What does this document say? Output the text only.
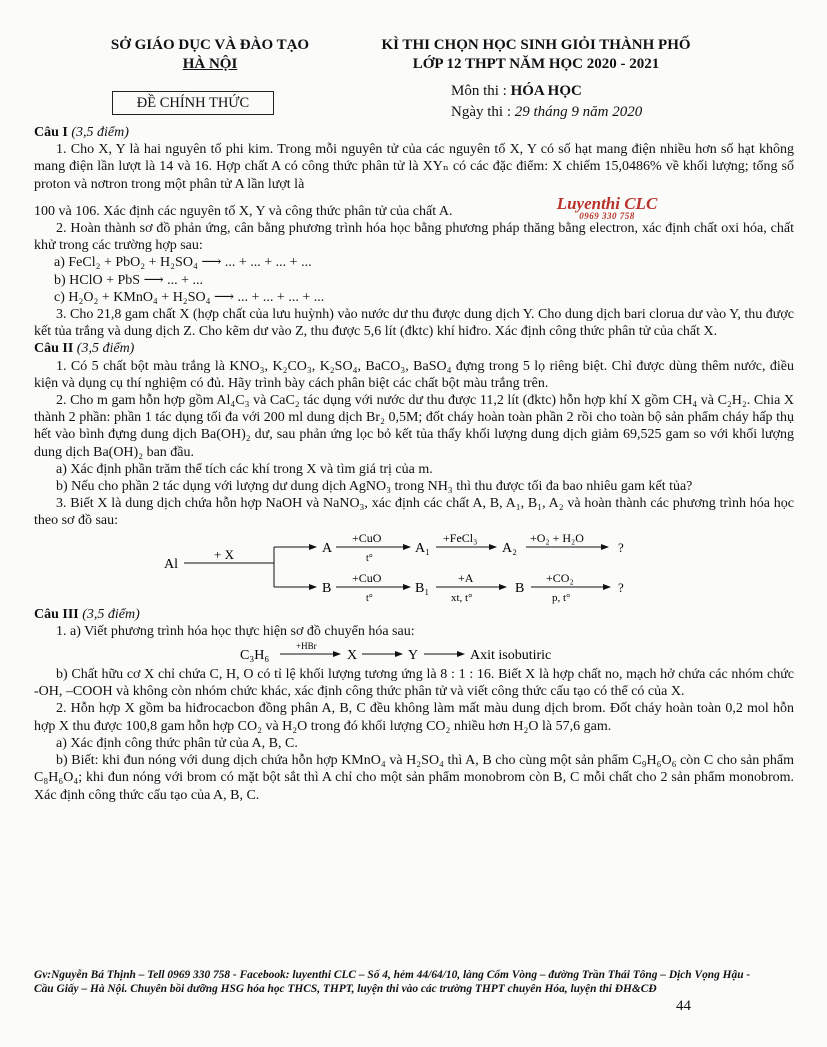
SỞ GIÁO DỤC VÀ ĐÀO TẠO
HÀ NỘI
KÌ THI CHỌN HỌC SINH GIỎI THÀNH PHỐ
LỚP 12 THPT NĂM HỌC 2020 - 2021
ĐỀ CHÍNH THỨC
Môn thi : HÓA HỌC
Ngày thi : 29 tháng 9 năm 2020
Luyenthi CLC
0969 330 758

Câu I (3,5 điểm)

1. Cho X, Y là hai nguyên tố phi kim. Trong mỗi nguyên tử của các nguyên tố X, Y có số hạt mang điện nhiều hơn số hạt không mang điện lần lượt là 14 và 16. Hợp chất A có công thức phân tử là XYₙ có các đặc điểm: X chiếm 15,0486% về khối lượng; tổng số proton và nơtron trong một phân tử A lần lượt là

100 và 106. Xác định các nguyên tố X, Y và công thức phân tử của chất A.

2. Hoàn thành sơ đồ phản ứng, cân bằng phương trình hóa học bằng phương pháp thăng bằng electron, xác định chất oxi hóa, chất khử trong các trường hợp sau:

a) FeCl₂ + PbO₂ + H₂SO₄ ⟶ ... + ... + ... + ...

b) HClO + PbS ⟶ ... + ...

c) H₂O₂ + KMnO₄ + H₂SO₄ ⟶ ... + ... + ... + ...

3. Cho 21,8 gam chất X (hợp chất của lưu huỳnh) vào nước dư thu được dung dịch Y. Cho dung dịch bari clorua dư vào Y, thu được kết tủa trắng và dung dịch Z. Cho kẽm dư vào Z, thu được 5,6 lít (đktc) khí hiđro. Xác định công thức phân tử của chất X.

Câu II (3,5 điểm)

1. Có 5 chất bột màu trắng là KNO₃, K₂CO₃, K₂SO₄, BaCO₃, BaSO₄ đựng trong 5 lọ riêng biệt. Chỉ được dùng thêm nước, điều kiện và dụng cụ thí nghiệm có đủ. Hãy trình bày cách phân biệt các chất bột màu trắng trên.

2. Cho m gam hỗn hợp gồm Al₄C₃ và CaC₂ tác dụng với nước dư thu được 11,2 lít (đktc) hỗn hợp khí X gồm CH₄ và C₂H₂. Chia X thành 2 phần: phần 1 tác dụng tối đa với 200 ml dung dịch Br₂ 0,5M; đốt cháy hoàn toàn phần 2 rồi cho toàn bộ sản phẩm cháy hấp thụ hết vào bình đựng dung dịch Ba(OH)₂ dư, sau phản ứng lọc bỏ kết tủa thấy khối lượng dung dịch giảm 69,525 gam so với khối lượng dung dịch Ba(OH)₂ ban đầu.

a) Xác định phần trăm thể tích các khí trong X và tìm giá trị của m.

b) Nếu cho phần 2 tác dụng với lượng dư dung dịch AgNO₃ trong NH₃ thì thu được tối đa bao nhiêu gam kết tủa?

3. Biết X là dung dịch chứa hỗn hợp NaOH và NaNO₃, xác định các chất A, B, A₁, B₁, A₂ và hoàn thành các phương trình hóa học theo sơ đồ sau:

Al
+ X	A
+CuO
t°
A₁
+FeCl₃
A₂
+O₂ + H₂O
?
B
+CuO
t°
B₁
+A
xt, t°
B
+CO₂
p, t°
?

Câu III (3,5 điểm)

1. a) Viết phương trình hóa học thực hiện sơ đồ chuyển hóa sau:

C₃H₆
+HBr
X	Y	Axit isobutiric

b) Chất hữu cơ X chỉ chứa C, H, O có tỉ lệ khối lượng tương ứng là 8 : 1 : 16. Biết X là hợp chất no, mạch hở chứa các nhóm chức -OH, –COOH và không còn nhóm chức khác, xác định công thức phân tử và viết công thức cấu tạo có thể có của X.

2. Hỗn hợp X gồm ba hiđrocacbon đồng phân A, B, C đều không làm mất màu dung dịch brom. Đốt cháy hoàn toàn 0,2 mol hỗn hợp X thu được 100,8 gam hỗn hợp CO₂ và H₂O trong đó khối lượng CO₂ nhiều hơn H₂O là 57,6 gam.

a) Xác định công thức phân tử của A, B, C.

b) Biết: khi đun nóng với dung dịch chứa hỗn hợp KMnO₄ và H₂SO₄ thì A, B cho cùng một sản phẩm C₉H₆O₆ còn C cho sản phẩm C₈H₆O₄; khi đun nóng với brom có mặt bột sắt thì A chỉ cho một sản phẩm monobrom còn B, C mỗi chất cho 2 sản phẩm monobrom. Xác định công thức cấu tạo của A, B, C.

Gv:Nguyễn Bá Thịnh – Tell 0969 330 758 - Facebook: luyenthi CLC – Số 4, hẻm 44/64/10, làng Cốm Vòng – đường Trần Thái Tông – Dịch Vọng Hậu - Cầu Giấy – Hà Nội. Chuyên bồi dưỡng HSG hóa học THCS, THPT, luyện thi vào các trường THPT chuyên Hóa, luyện thi ĐH&CĐ
44
